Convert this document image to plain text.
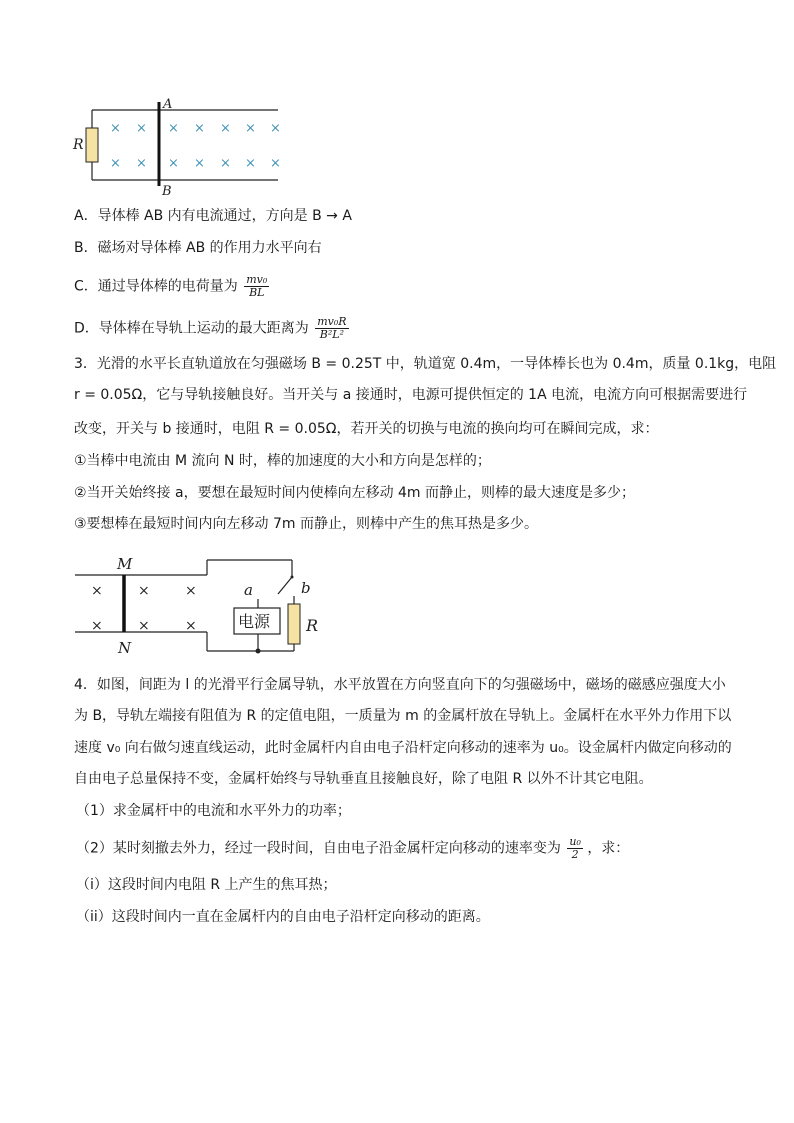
R
A
B
× × × × × × ×
× × × × × × ×
A．导体棒 AB 内有电流通过，方向是 B → A
B．磁场对导体棒 AB 的作用力水平向右
C．通过导体棒的电荷量为 $\frac{\text{mv₀}}{BL}$
D．导体棒在导轨上运动的最大距离为 $\frac{\text{mv₀R}}{\text{B²L²}}$
3．光滑的水平长直轨道放在匀强磁场 B = 0.25T 中，轨道宽 0.4m，一导体棒长也为 0.4m，质量 0.1kg，电阻
r = 0.05Ω，它与导轨接触良好。当开关与 a 接通时，电源可提供恒定的 1A 电流，电流方向可根据需要进行
改变，开关与 b 接通时，电阻 R = 0.05Ω，若开关的切换与电流的换向均可在瞬间完成，求：
①当棒中电流由 M 流向 N 时，棒的加速度的大小和方向是怎样的；
②当开关始终接 a，要想在最短时间内使棒向左移动 4m 而静止，则棒的最大速度是多少；
③要想棒在最短时间内向左移动 7m 而静止，则棒中产生的焦耳热是多少。
M
N
×	×	×
×	×	×
a	b
电源 R
4．如图，间距为 l 的光滑平行金属导轨，水平放置在方向竖直向下的匀强磁场中，磁场的磁感应强度大小
为 B，导轨左端接有阻值为 R 的定值电阻，一质量为 m 的金属杆放在导轨上。金属杆在水平外力作用下以
速度 v₀ 向右做匀速直线运动，此时金属杆内自由电子沿杆定向移动的速率为 u₀。设金属杆内做定向移动的
自由电子总量保持不变，金属杆始终与导轨垂直且接触良好，除了电阻 R 以外不计其它电阻。
（1）求金属杆中的电流和水平外力的功率；
（2）某时刻撤去外力，经过一段时间，自由电子沿金属杆定向移动的速率变为 $\frac{\text{u₀}}{2}$ ，求：
（i）这段时间内电阻 R 上产生的焦耳热；
（ii）这段时间内一直在金属杆内的自由电子沿杆定向移动的距离。
